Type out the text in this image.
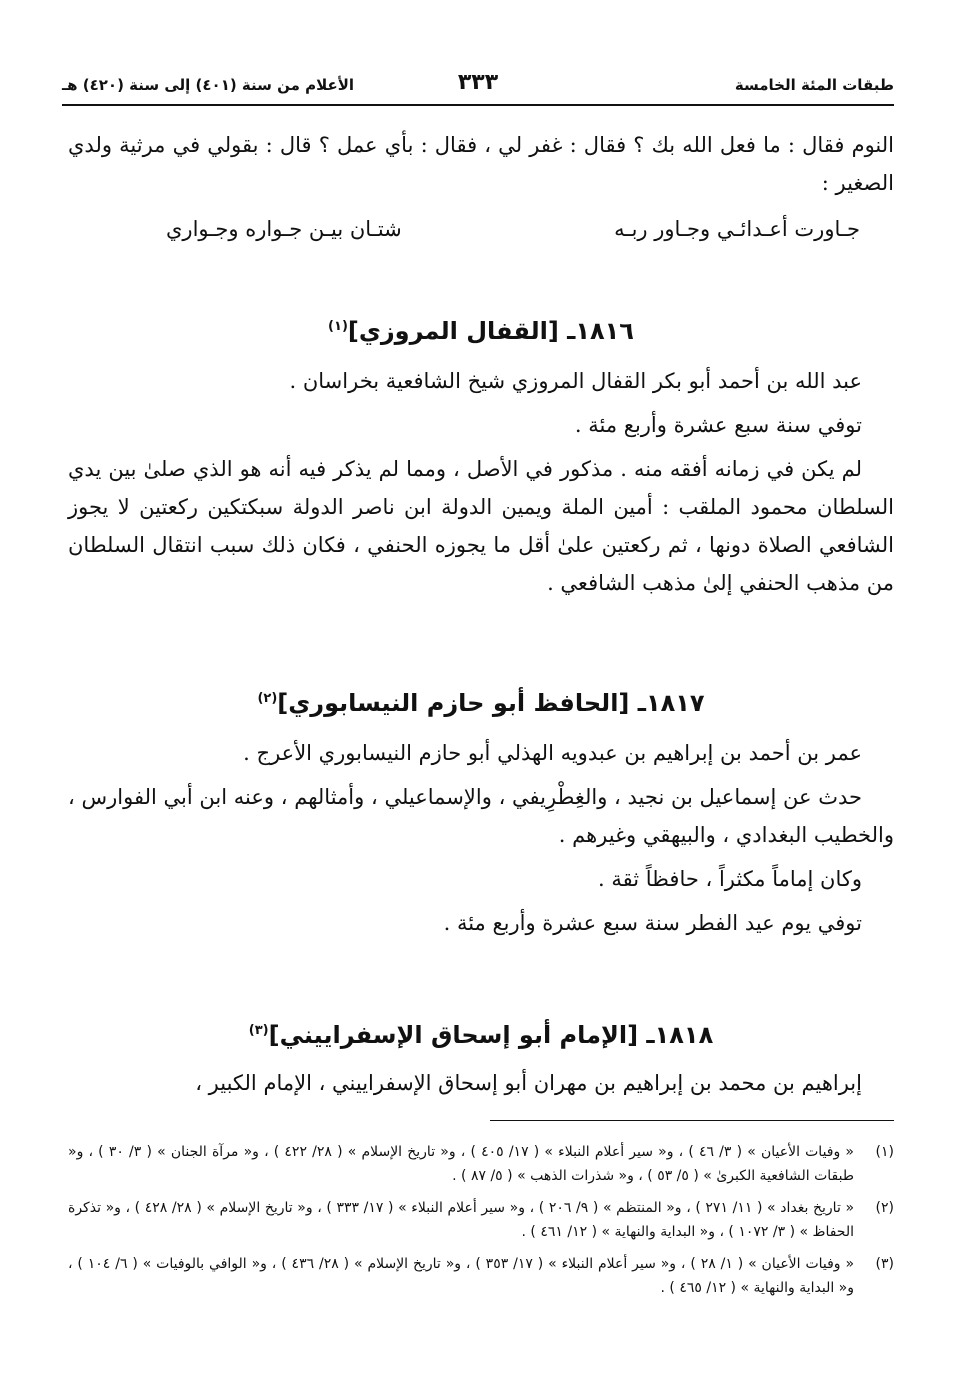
طبقات المئة الخامسة
٣٣٣
الأعلام من سنة (٤٠١) إلى سنة (٤٢٠) هـ

النوم فقال : ما فعل الله بك ؟ فقال : غفر لي ، فقال : بأي عمل ؟ قال : بقولي في مرثية ولدي الصغير :

جـاورت أعـدائـي وجـاور ربـه
شتـان بيـن جـواره وجـواري
١٨١٦ـ [القفال المروزي]$^{(١)}$

عبد الله بن أحمد أبو بكر القفال المروزي شيخ الشافعية بخراسان .

توفي سنة سبع عشرة وأربع مئة .

لم يكن في زمانه أفقه منه . مذكور في الأصل ، ومما لم يذكر فيه أنه هو الذي صلىٰ بين يدي السلطان محمود الملقب : أمين الملة ويمين الدولة ابن ناصر الدولة سبكتكين ركعتين لا يجوز الشافعي الصلاة دونها ، ثم ركعتين علىٰ أقل ما يجوزه الحنفي ، فكان ذلك سبب انتقال السلطان من مذهب الحنفي إلىٰ مذهب الشافعي .

١٨١٧ـ [الحافظ أبو حازم النيسابوري]$^{(٢)}$

عمر بن أحمد بن إبراهيم بن عبدويه الهذلي أبو حازم النيسابوري الأعرج .

حدث عن إسماعيل بن نجيد ، والغِطْرِيفي ، والإسماعيلي ، وأمثالهم ، وعنه ابن أبي الفوارس ، والخطيب البغدادي ، والبيهقي وغيرهم .

وكان إماماً مكثراً ، حافظاً ثقة .

توفي يوم عيد الفطر سنة سبع عشرة وأربع مئة .

١٨١٨ـ [الإمام أبو إسحاق الإسفراييني]$^{(٣)}$

إبراهيم بن محمد بن إبراهيم بن مهران أبو إسحاق الإسفراييني ، الإمام الكبير ،

(١)
« وفيات الأعيان » ( ٣/ ٤٦ ) ، و« سير أعلام النبلاء » ( ١٧/ ٤٠٥ ) ، و« تاريخ الإسلام » ( ٢٨/ ٤٢٢ ) ، و« مرآة الجنان » ( ٣/ ٣٠ ) ، و« طبقات الشافعية الكبرىٰ » ( ٥/ ٥٣ ) ، و« شذرات الذهب » ( ٥/ ٨٧ ) .

(٢)
« تاريخ بغداد » ( ١١/ ٢٧١ ) ، و« المنتظم » ( ٩/ ٢٠٦ ) ، و« سير أعلام النبلاء » ( ١٧/ ٣٣٣ ) ، و« تاريخ الإسلام » ( ٢٨/ ٤٢٨ ) ، و« تذكرة الحفاظ » ( ٣/ ١٠٧٢ ) ، و« البداية والنهاية » ( ١٢/ ٤٦١ ) .

(٣)
« وفيات الأعيان » ( ١/ ٢٨ ) ، و« سير أعلام النبلاء » ( ١٧/ ٣٥٣ ) ، و« تاريخ الإسلام » ( ٢٨/ ٤٣٦ ) ، و« الوافي بالوفيات » ( ٦/ ١٠٤ ) ، و« البداية والنهاية » ( ١٢/ ٤٦٥ ) .
